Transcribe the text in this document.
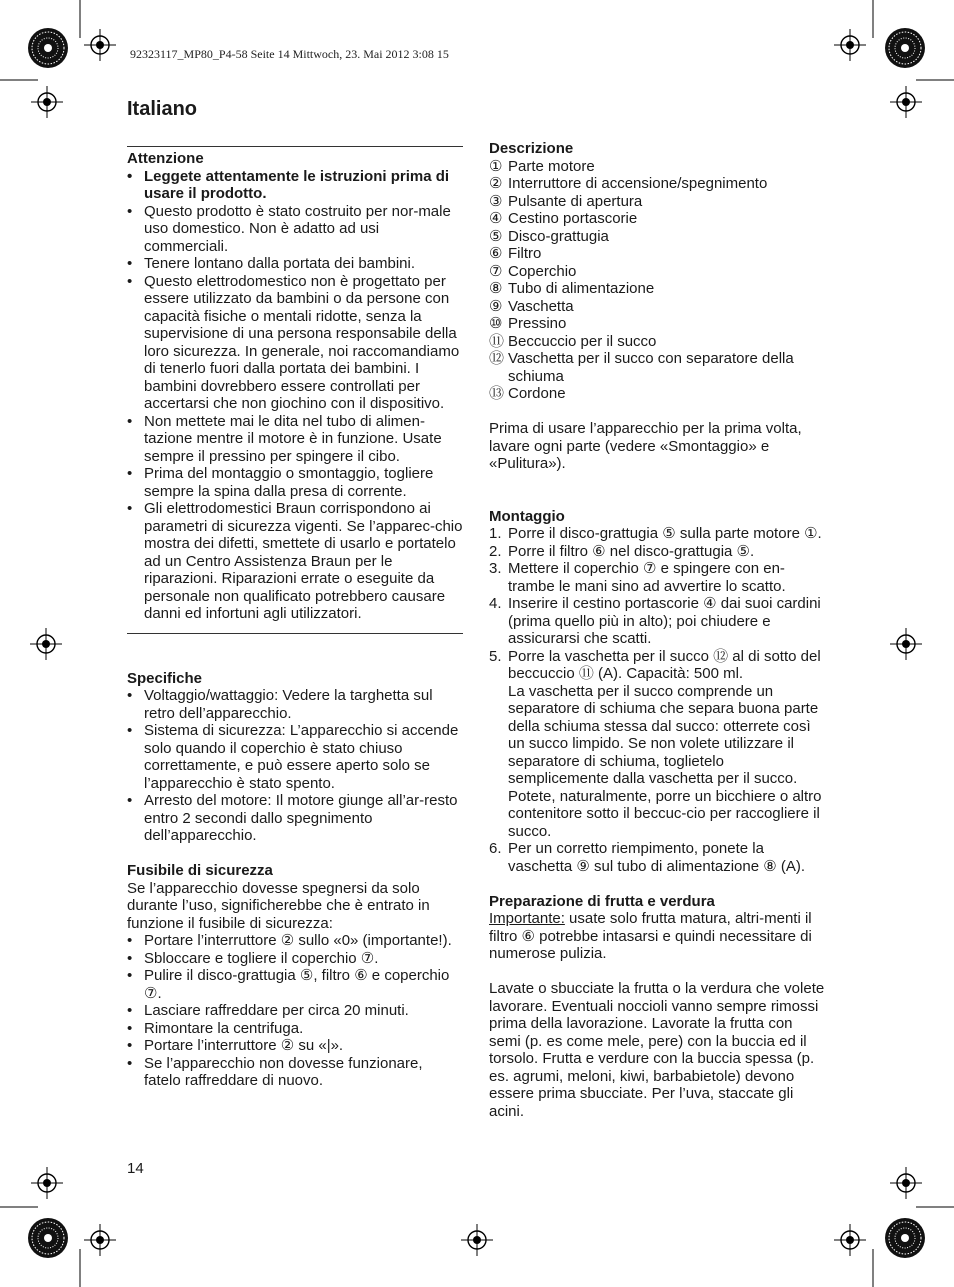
92323117_MP80_P4-58 Seite 14 Mittwoch, 23. Mai 2012 3:08 15
Italiano
Attenzione
• Leggete attentamente le istruzioni prima di usare il prodotto.
• Questo prodotto è stato costruito per nor-male uso domestico. Non è adatto ad usi commerciali.
• Tenere lontano dalla portata dei bambini.
• Questo elettrodomestico non è progettato per essere utilizzato da bambini o da persone con capacità fisiche o mentali ridotte, senza la supervisione di una persona responsabile della loro sicurezza. In generale, noi raccomandiamo di tenerlo fuori dalla portata dei bambini. I bambini dovrebbero essere controllati per accertarsi che non giochino con il dispositivo.
• Non mettete mai le dita nel tubo di alimen-tazione mentre il motore è in funzione. Usate sempre il pressino per spingere il cibo.
• Prima del montaggio o smontaggio, togliere sempre la spina dalla presa di corrente.
• Gli elettrodomestici Braun corrispondono ai parametri di sicurezza vigenti. Se l’apparec-chio mostra dei difetti, smettete di usarlo e portatelo ad un Centro Assistenza Braun per le riparazioni. Riparazioni errate o eseguite da personale non qualificato potrebbero causare danni ed infortuni agli utilizzatori.
Specifiche
• Voltaggio/wattaggio: Vedere la targhetta sul retro dell’apparecchio.
• Sistema di sicurezza: L’apparecchio si accende solo quando il coperchio è stato chiuso correttamente, e può essere aperto solo se l’apparecchio è stato spento.
• Arresto del motore: Il motore giunge all’ar-resto entro 2 secondi dallo spegnimento dell’apparecchio.
Fusibile di sicurezza
Se l’apparecchio dovesse spegnersi da solo durante l’uso, significherebbe che è entrato in funzione il fusibile di sicurezza:
• Portare l’interruttore ② sullo «0» (importante!).
• Sbloccare e togliere il coperchio ⑦.
• Pulire il disco-grattugia ⑤, filtro ⑥ e coperchio ⑦.
• Lasciare raffreddare per circa 20 minuti.
• Rimontare la centrifuga.
• Portare l’interruttore ② su «|».
• Se l’apparecchio non dovesse funzionare, fatelo raffreddare di nuovo.
Descrizione
① Parte motore
② Interruttore di accensione/spegnimento
③ Pulsante di apertura
④ Cestino portascorie
⑤ Disco-grattugia
⑥ Filtro
⑦ Coperchio
⑧ Tubo di alimentazione
⑨ Vaschetta
⑩ Pressino
⑪ Beccuccio per il succo
⑫ Vaschetta per il succo con separatore della schiuma
⑬ Cordone
Prima di usare l’apparecchio per la prima volta, lavare ogni parte (vedere «Smontaggio» e «Pulitura»).
Montaggio
1. Porre il disco-grattugia ⑤ sulla parte motore ①.
2. Porre il filtro ⑥ nel disco-grattugia ⑤.
3. Mettere il coperchio ⑦ e spingere con en-trambe le mani sino ad avvertire lo scatto.
4. Inserire il cestino portascorie ④ dai suoi cardini (prima quello più in alto); poi chiudere e assicurarsi che scatti.
5. Porre la vaschetta per il succo ⑫ al di sotto del beccuccio ⑪ (A). Capacità: 500 ml.
La vaschetta per il succo comprende un separatore di schiuma che separa buona parte della schiuma stessa dal succo: otterrete così un succo limpido. Se non volete utilizzare il separatore di schiuma, toglietelo semplicemente dalla vaschetta per il succo. Potete, naturalmente, porre un bicchiere o altro contenitore sotto il beccuc-cio per raccogliere il succo.
6. Per un corretto riempimento, ponete la vaschetta ⑨ sul tubo di alimentazione ⑧ (A).
Preparazione di frutta e verdura
Importante: usate solo frutta matura, altri-menti il filtro ⑥ potrebbe intasarsi e quindi necessitare di numerose pulizia.
Lavate o sbucciate la frutta o la verdura che volete lavorare. Eventuali noccioli vanno sempre rimossi prima della lavorazione. Lavorate la frutta con semi (p. es come mele, pere) con la buccia ed il torsolo. Frutta e verdure con la buccia spessa (p. es. agrumi, meloni, kiwi, barbabietole) devono essere prima sbucciate. Per l’uva, staccate gli acini.
14
